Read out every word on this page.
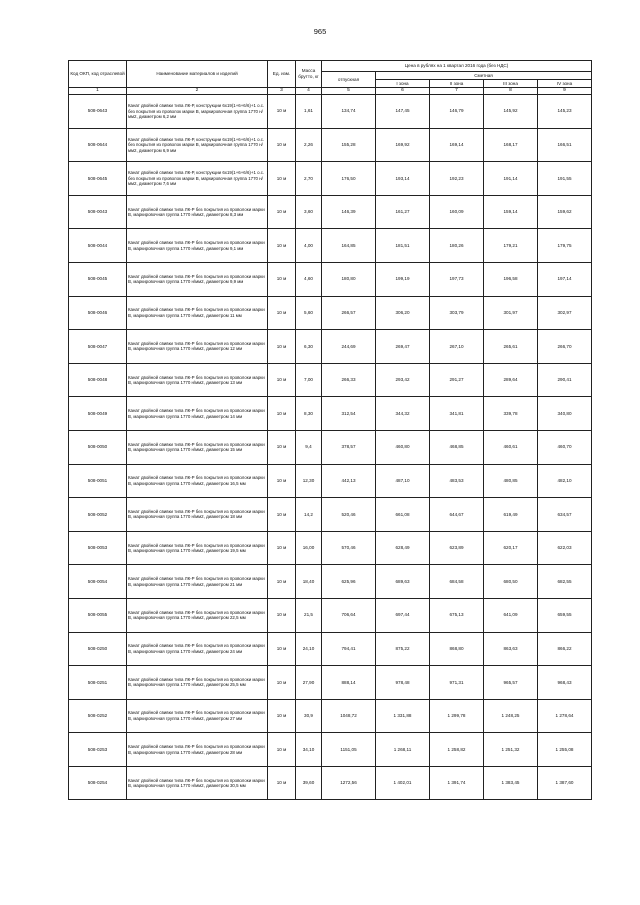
965
Код ОКП, код отраслевой	Наименование материалов и изделий	Ед. изм.	Масса брутто, кг	Цена в рублях на 1 квартал 2016 года (без НДС)				
				отпускная	Сметная			
					I зона	II зона	III зона	IV зона
1	2	3	4	5	6	7	8	9
508-0643	Канат двойной свивки типа ЛК-Р, конструкции 6х19(1+6+6/6)+1 о.с. без покрытия из проволок марки В, маркировочная группа 1770 н/мм2, диаметром 6,2 мм	10 м	1,61	134,74	147,45	146,79	145,92	145,23
508-0644	Канат двойной свивки типа ЛК-Р, конструкции 6х19(1+6+6/6)+1 о.с. без покрытия из проволок марки В, маркировочная группа 1770 н/мм2, диаметром 6,9 мм	10 м	2,26	155,28	169,92	169,14	168,17	166,51
508-0645	Канат двойной свивки типа ЛК-Р, конструкции 6х19(1+6+6/6)+1 о.с. без покрытия из проволок марки В, маркировочная группа 1770 н/мм2, диаметром 7,6 мм	10 м	2,70	176,50	193,14	192,23	191,14	191,55
508-0043	Канат двойной свивки типа ЛК-Р без покрытия из проволоки марки В, маркировочная группа 1770 н/мм2, диаметром 8,3 мм	10 м	3,60	146,39	161,27	160,09	159,14	159,62
508-0044	Канат двойной свивки типа ЛК-Р без покрытия из проволоки марки В, маркировочная группа 1770 н/мм2, диаметром 9,1 мм	10 м	4,00	164,85	181,51	180,26	179,21	179,75
508-0045	Канат двойной свивки типа ЛК-Р без покрытия из проволоки марки В, маркировочная группа 1770 н/мм2, диаметром 9,9 мм	10 м	4,60	180,80	199,19	197,73	196,58	197,14
508-0046	Канат двойной свивки типа ЛК-Р без покрытия из проволоки марки В, маркировочная группа 1770 н/мм2, диаметром 11 мм	10 м	5,60	266,57	306,20	303,79	301,97	302,97
508-0047	Канат двойной свивки типа ЛК-Р без покрытия из проволоки марки В, маркировочная группа 1770 н/мм2, диаметром 12 мм	10 м	6,30	244,69	269,47	267,10	265,61	266,70
508-0048	Канат двойной свивки типа ЛК-Р без покрытия из проволоки марки В, маркировочная группа 1770 н/мм2, диаметром 13 мм	10 м	7,00	266,33	293,42	291,27	289,64	290,41
508-0049	Канат двойной свивки типа ЛК-Р без покрытия из проволоки марки В, маркировочная группа 1770 н/мм2, диаметром 14 мм	10 м	8,30	312,54	344,32	341,81	339,78	340,80
508-0050	Канат двойной свивки типа ЛК-Р без покрытия из проволоки марки В, маркировочная группа 1770 н/мм2, диаметром 15 мм	10 м	9,4	378,57	460,80	468,85	460,61	460,70
508-0051	Канат двойной свивки типа ЛК-Р без покрытия из проволоки марки В, маркировочная группа 1770 н/мм2, диаметром 16,5 мм	10 м	12,30	442,13	487,10	483,53	480,85	482,10
508-0052	Канат двойной свивки типа ЛК-Р без покрытия из проволоки марки В, маркировочная группа 1770 н/мм2, диаметром 18 мм	10 м	14,2	520,46	661,08	644,67	619,49	634,57
508-0053	Канат двойной свивки типа ЛК-Р без покрытия из проволоки марки В, маркировочная группа 1770 н/мм2, диаметром 19,5 мм	10 м	16,00	570,46	628,49	623,89	620,17	622,03
508-0054	Канат двойной свивки типа ЛК-Р без покрытия из проволоки марки В, маркировочная группа 1770 н/мм2, диаметром 21 мм	10 м	18,40	625,96	689,63	684,58	680,50	682,55
508-0055	Канат двойной свивки типа ЛК-Р без покрытия из проволоки марки В, маркировочная группа 1770 н/мм2, диаметром 22,5 мм	10 м	21,5	706,64	697,44	675,13	641,09	659,55
508-0250	Канат двойной свивки типа ЛК-Р без покрытия из проволоки марки В, маркировочная группа 1770 н/мм2, диаметром 24 мм	10 м	24,10	794,41	875,22	868,80	863,63	866,22
508-0251	Канат двойной свивки типа ЛК-Р без покрытия из проволоки марки В, маркировочная группа 1770 н/мм2, диаметром 25,5 мм	10 м	27,90	888,14	978,48	971,31	965,57	968,43
508-0252	Канат двойной свивки типа ЛК-Р без покрытия из проволоки марки В, маркировочная группа 1770 н/мм2, диаметром 27 мм	10 м	30,9	1048,72	1 331,88	1 299,78	1 248,25	1 278,64
508-0253	Канат двойной свивки типа ЛК-Р без покрытия из проволоки марки В, маркировочная группа 1770 н/мм2, диаметром 28 мм	10 м	34,10	1151,05	1 268,11	1 258,82	1 251,32	1 255,08
508-0254	Канат двойной свивки типа ЛК-Р без покрытия из проволоки марки В, маркировочная группа 1770 н/мм2, диаметром 30,5 мм	10 м	39,60	1272,56	1 402,01	1 391,74	1 383,45	1 387,60
